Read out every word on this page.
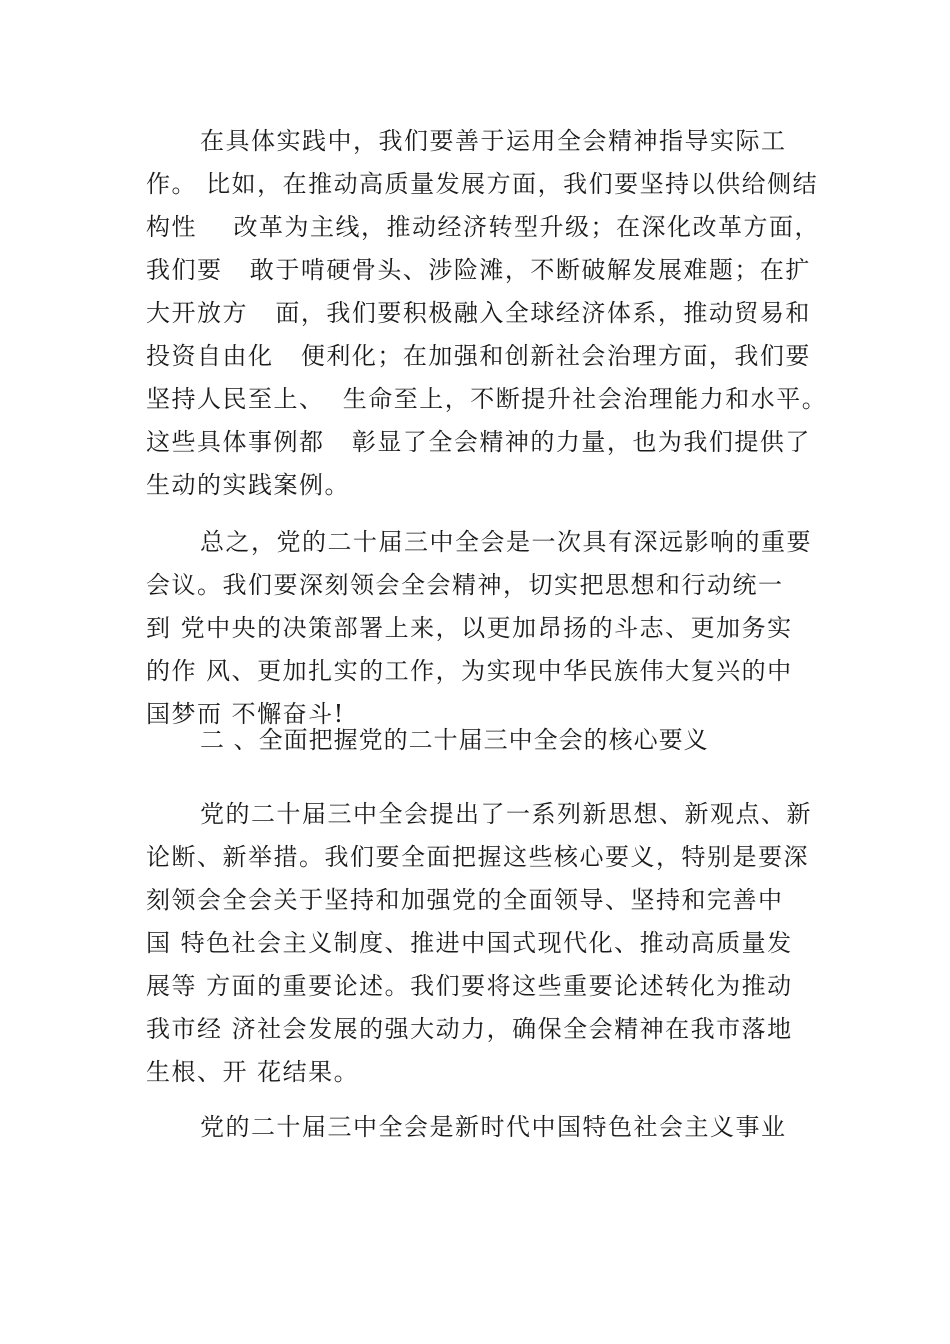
在具体实践中，我们要善于运用全会精神指导实际工
作。 比如，在推动高质量发展方面，我们要坚持以供给侧结
构性    改革为主线，推动经济转型升级；在深化改革方面，
我们要   敢于啃硬骨头、涉险滩，不断破解发展难题；在扩
大开放方   面，我们要积极融入全球经济体系，推动贸易和
投资自由化   便利化；在加强和创新社会治理方面，我们要
坚持人民至上、  生命至上，不断提升社会治理能力和水平。
这些具体事例都   彰显了全会精神的力量，也为我们提供了
生动的实践案例。
总之，党的二十届三中全会是一次具有深远影响的重要
会议。我们要深刻领会全会精神，切实把思想和行动统一
到 党中央的决策部署上来，以更加昂扬的斗志、更加务实
的作 风、更加扎实的工作，为实现中华民族伟大复兴的中
国梦而 不懈奋斗!
二 、全面把握党的二十届三中全会的核心要义
党的二十届三中全会提出了一系列新思想、新观点、新
论断、新举措。我们要全面把握这些核心要义，特别是要深
刻领会全会关于坚持和加强党的全面领导、坚持和完善中
国 特色社会主义制度、推进中国式现代化、推动高质量发
展等 方面的重要论述。我们要将这些重要论述转化为推动
我市经 济社会发展的强大动力，确保全会精神在我市落地
生根、开 花结果。
党的二十届三中全会是新时代中国特色社会主义事业
